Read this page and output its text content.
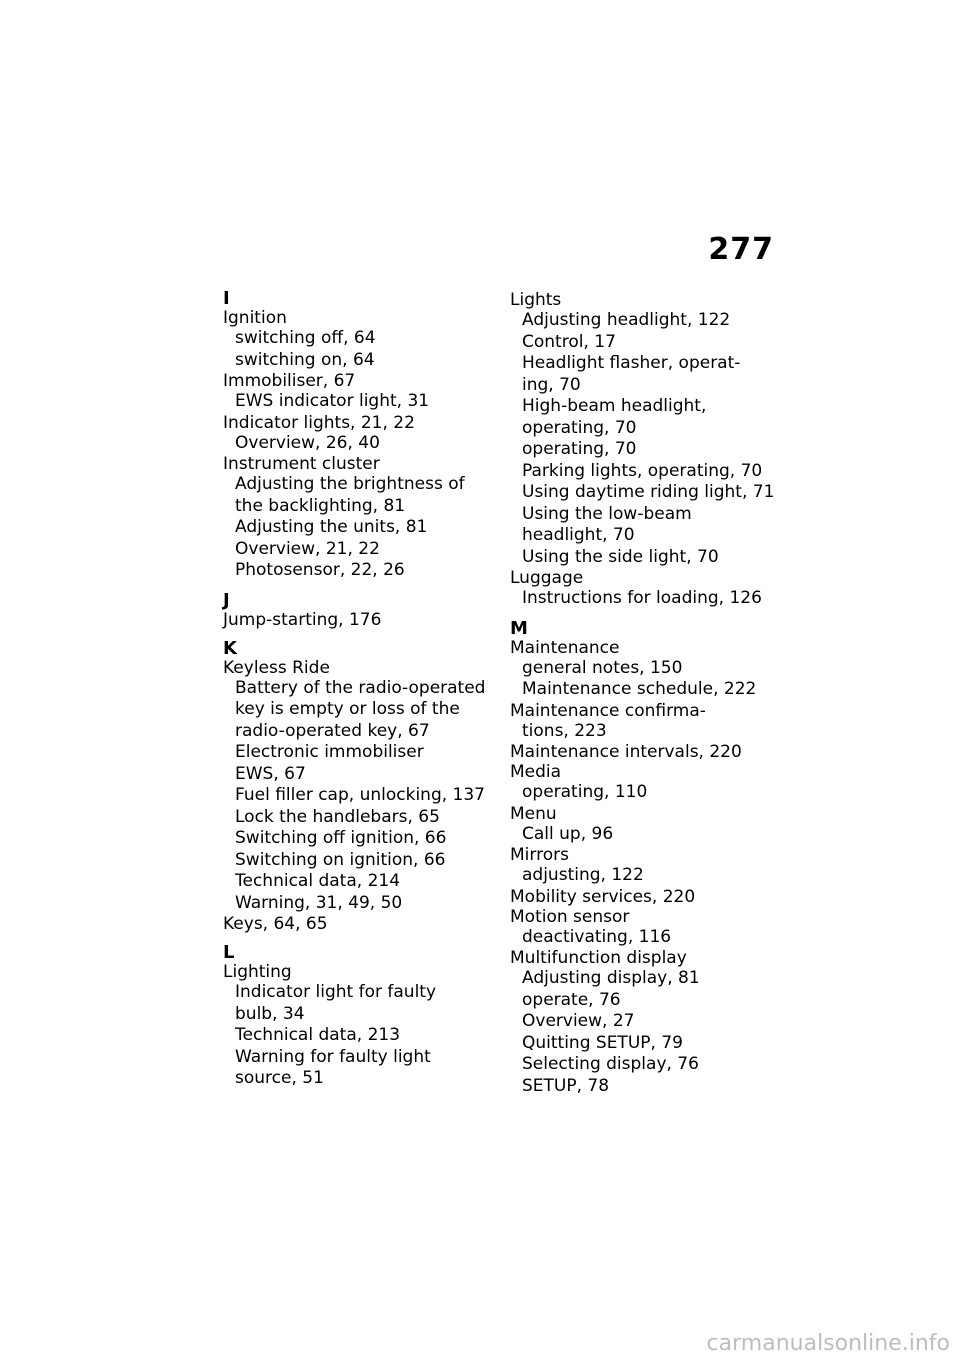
277
I
Ignition
switching off, 64
switching on, 64
Immobiliser, 67
EWS indicator light, 31
Indicator lights, 21, 22
Overview, 26, 40
Instrument cluster
Adjusting the brightness of
the backlighting, 81
Adjusting the units, 81
Overview, 21, 22
Photosensor, 22, 26
J
Jump-starting, 176
K
Keyless Ride
Battery of the radio-operated
key is empty or loss of the
radio-operated key, 67
Electronic immobiliser
EWS, 67
Fuel filler cap, unlocking, 137
Lock the handlebars, 65
Switching off ignition, 66
Switching on ignition, 66
Technical data, 214
Warning, 31, 49, 50
Keys, 64, 65
L
Lighting
Indicator light for faulty
bulb, 34
Technical data, 213
Warning for faulty light
source, 51
Lights
Adjusting headlight, 122
Control, 17
Headlight flasher, operat-
ing, 70
High-beam headlight,
operating, 70
operating, 70
Parking lights, operating, 70
Using daytime riding light, 71
Using the low-beam
headlight, 70
Using the side light, 70
Luggage
Instructions for loading, 126
M
Maintenance
general notes, 150
Maintenance schedule, 222
Maintenance confirma-
tions, 223
Maintenance intervals, 220
Media
operating, 110
Menu
Call up, 96
Mirrors
adjusting, 122
Mobility services, 220
Motion sensor
deactivating, 116
Multifunction display
Adjusting display, 81
operate, 76
Overview, 27
Quitting SETUP, 79
Selecting display, 76
SETUP, 78
carmanualsonline.info
